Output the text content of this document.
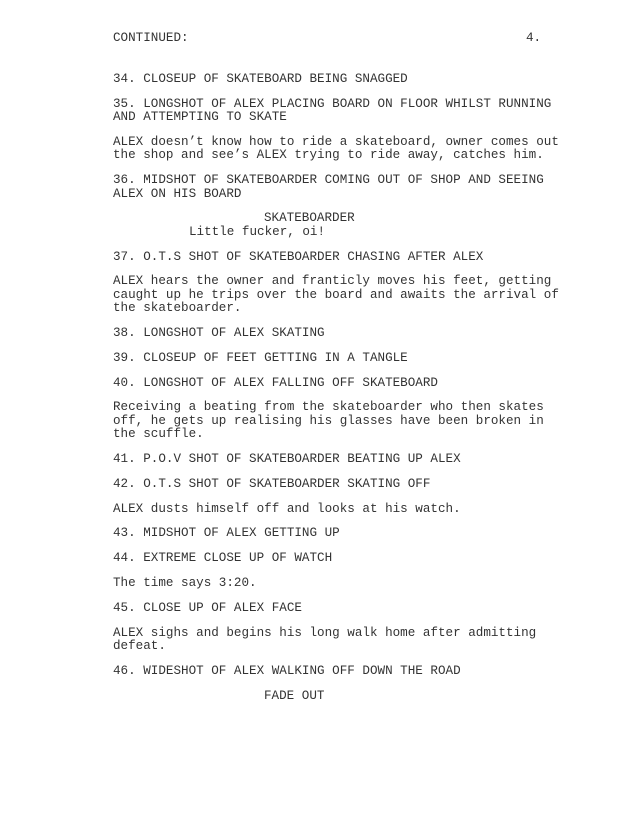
CONTINUED:	4.
34. CLOSEUP OF SKATEBOARD BEING SNAGGED
35. LONGSHOT OF ALEX PLACING BOARD ON FLOOR WHILST RUNNING
AND ATTEMPTING TO SKATE
ALEX doesn’t know how to ride a skateboard, owner comes out
the shop and see’s ALEX trying to ride away, catches him.
36. MIDSHOT OF SKATEBOARDER COMING OUT OF SHOP AND SEEING
ALEX ON HIS BOARD
SKATEBOARDER
Little fucker, oi!
37. O.T.S SHOT OF SKATEBOARDER CHASING AFTER ALEX
ALEX hears the owner and franticly moves his feet, getting
caught up he trips over the board and awaits the arrival of
the skateboarder.
38. LONGSHOT OF ALEX SKATING
39. CLOSEUP OF FEET GETTING IN A TANGLE
40. LONGSHOT OF ALEX FALLING OFF SKATEBOARD
Receiving a beating from the skateboarder who then skates
off, he gets up realising his glasses have been broken in
the scuffle.
41. P.O.V SHOT OF SKATEBOARDER BEATING UP ALEX
42. O.T.S SHOT OF SKATEBOARDER SKATING OFF
ALEX dusts himself off and looks at his watch.
43. MIDSHOT OF ALEX GETTING UP
44. EXTREME CLOSE UP OF WATCH
The time says 3:20.
45. CLOSE UP OF ALEX FACE
ALEX sighs and begins his long walk home after admitting
defeat.
46. WIDESHOT OF ALEX WALKING OFF DOWN THE ROAD
FADE OUT
